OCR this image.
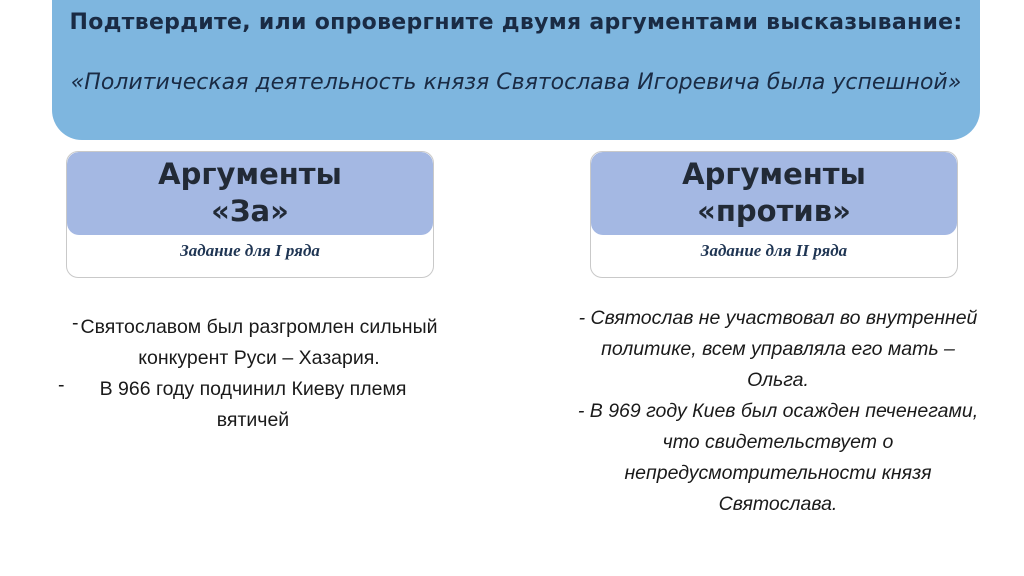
Подтвердите, или опровергните двумя аргументами высказывание:
«Политическая деятельность князя Святослава Игоревича была успешной»
Аргументы
«За»
Задание для I ряда
Аргументы
«против»
Задание для II ряда
- Святославом был разгромлен сильный конкурент Руси – Хазария.
- В 966 году подчинил Киеву племя вятичей
- Святослав не участвовал во внутренней политике, всем управляла его мать – Ольга.
- В 969 году Киев был осажден печенегами, что свидетельствует о непредусмотрительности князя Святослава.
